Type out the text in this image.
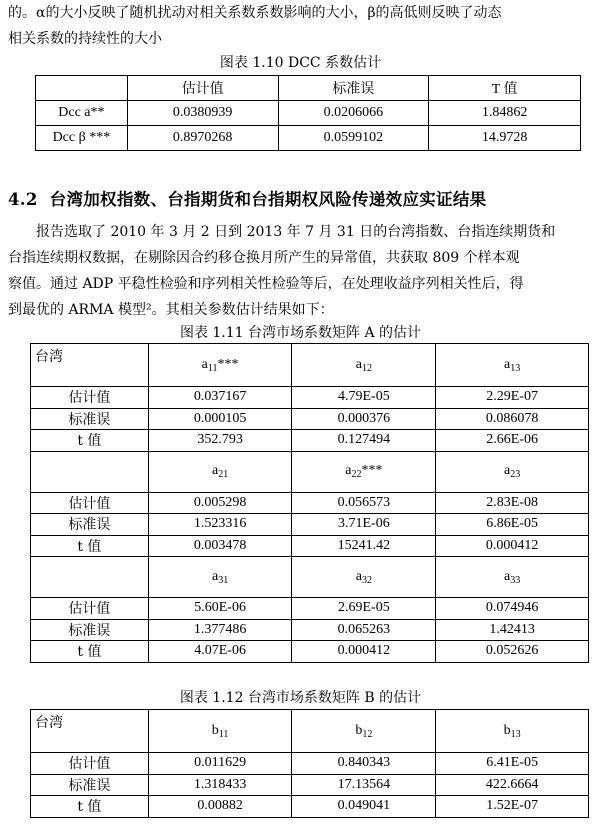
的。α的大小反映了随机扰动对相关系数系数影响的大小，β的高低则反映了动态
相关系数的持续性的大小
图表 1.10 DCC 系数估计
	估计值	标准误	T 值
Dcc a**	0.0380939	0.0206066	1.84862
Dcc β ***	0.8970268	0.0599102	14.9728
4.2 台湾加权指数、台指期货和台指期权风险传递效应实证结果
报告选取了 2010 年 3 月 2 日到 2013 年 7 月 31 日的台湾指数、台指连续期货和
台指连续期权数据，在剔除因合约移仓换月所产生的异常值，共获取 809 个样本观
察值。通过 ADP 平稳性检验和序列相关性检验等后，在处理收益序列相关性后，得
到最优的 ARMA 模型²。其相关参数估计结果如下：
图表 1.11 台湾市场系数矩阵 A 的估计
台湾	$a_{11}***$	$a_{12}$	$a_{13}$
估计值	0.037167	4.79E-05	2.29E-07
标准误	0.000105	0.000376	0.086078
t 值	352.793	0.127494	2.66E-06
	$a_{21}$	$a_{22}***$	$a_{23}$
估计值	0.005298	0.056573	2.83E-08
标准误	1.523316	3.71E-06	6.86E-05
t 值	0.003478	15241.42	0.000412
	$a_{31}$	$a_{32}$	$a_{33}$
估计值	5.60E-06	2.69E-05	0.074946
标准误	1.377486	0.065263	1.42413
t 值	4.07E-06	0.000412	0.052626
图表 1.12 台湾市场系数矩阵 B 的估计
台湾	$b_{11}$	$b_{12}$	$b_{13}$
估计值	0.011629	0.840343	6.41E-05
标准误	1.318433	17.13564	422.6664
t 值	0.00882	0.049041	1.52E-07
